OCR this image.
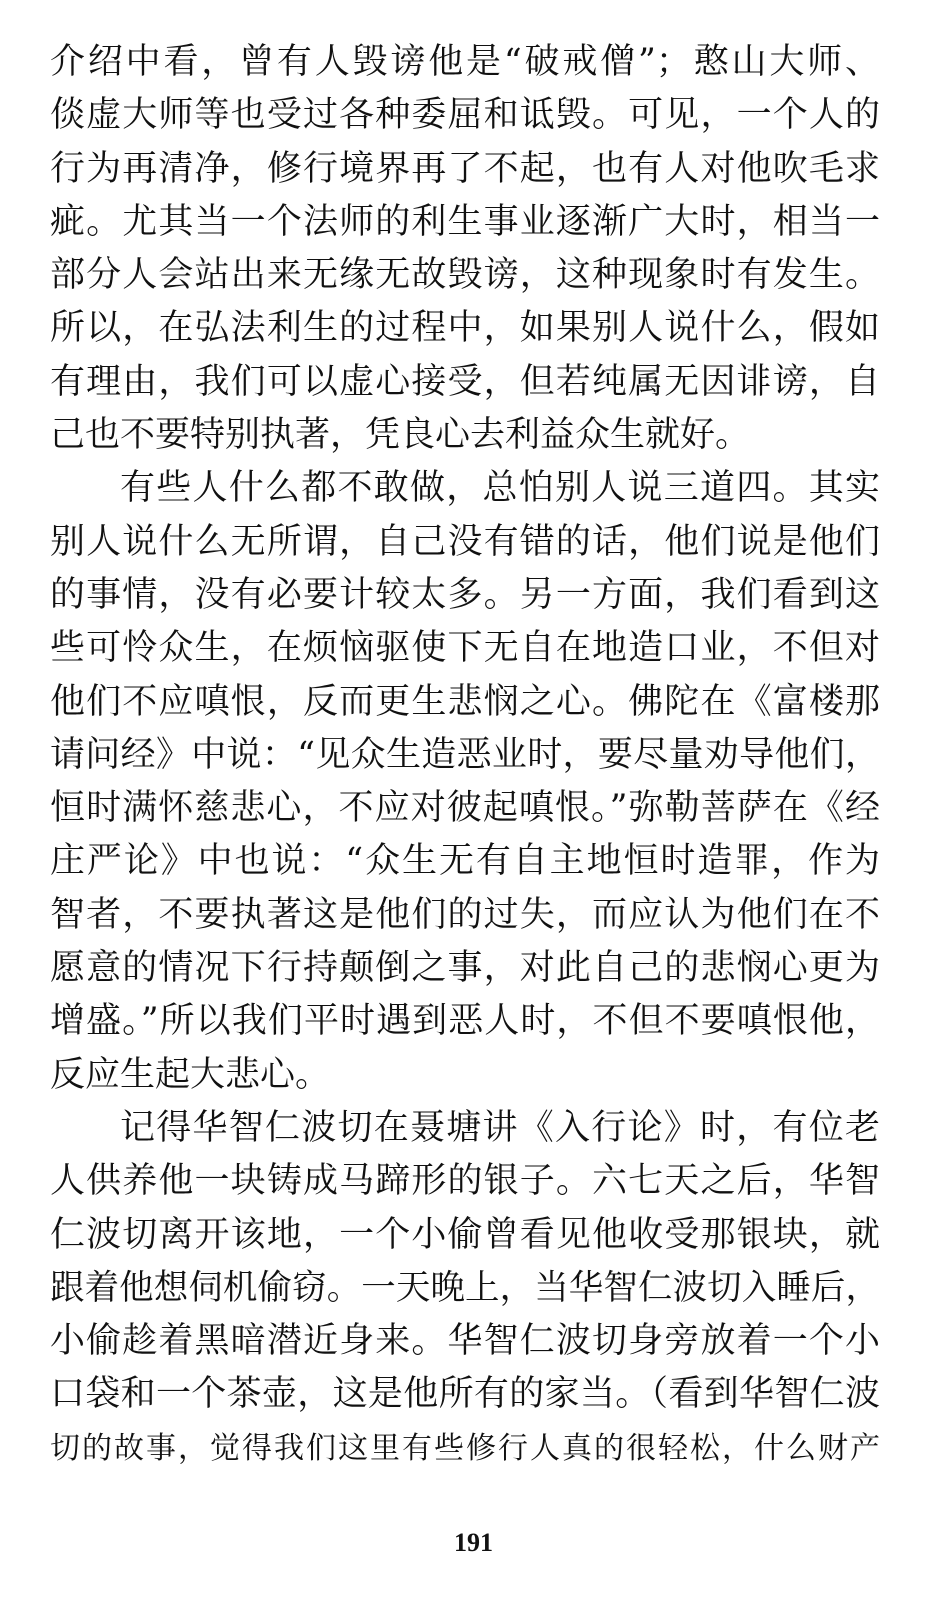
介绍中看，曾有人毁谤他是“破戒僧”；憨山大师、
倓虚大师等也受过各种委屈和诋毁。可见，一个人的
行为再清净，修行境界再了不起，也有人对他吹毛求
疵。尤其当一个法师的利生事业逐渐广大时，相当一
部分人会站出来无缘无故毁谤，这种现象时有发生。
所以，在弘法利生的过程中，如果别人说什么，假如
有理由，我们可以虚心接受，但若纯属无因诽谤，自
己也不要特别执著，凭良心去利益众生就好。
有些人什么都不敢做，总怕别人说三道四。其实
别人说什么无所谓，自己没有错的话，他们说是他们
的事情，没有必要计较太多。另一方面，我们看到这
些可怜众生，在烦恼驱使下无自在地造口业，不但对
他们不应嗔恨，反而更生悲悯之心。佛陀在《富楼那
请问经》中说：“见众生造恶业时，要尽量劝导他们，
恒时满怀慈悲心，不应对彼起嗔恨。”弥勒菩萨在《经
庄严论》中也说：“众生无有自主地恒时造罪，作为
智者，不要执著这是他们的过失，而应认为他们在不
愿意的情况下行持颠倒之事，对此自己的悲悯心更为
增盛。”所以我们平时遇到恶人时，不但不要嗔恨他，
反应生起大悲心。
记得华智仁波切在聂塘讲《入行论》时，有位老
人供养他一块铸成马蹄形的银子。六七天之后，华智
仁波切离开该地，一个小偷曾看见他收受那银块，就
跟着他想伺机偷窃。一天晚上，当华智仁波切入睡后，
小偷趁着黑暗潜近身来。华智仁波切身旁放着一个小
口袋和一个茶壶，这是他所有的家当。（看到华智仁波
切的故事，觉得我们这里有些修行人真的很轻松，什么财产
191
